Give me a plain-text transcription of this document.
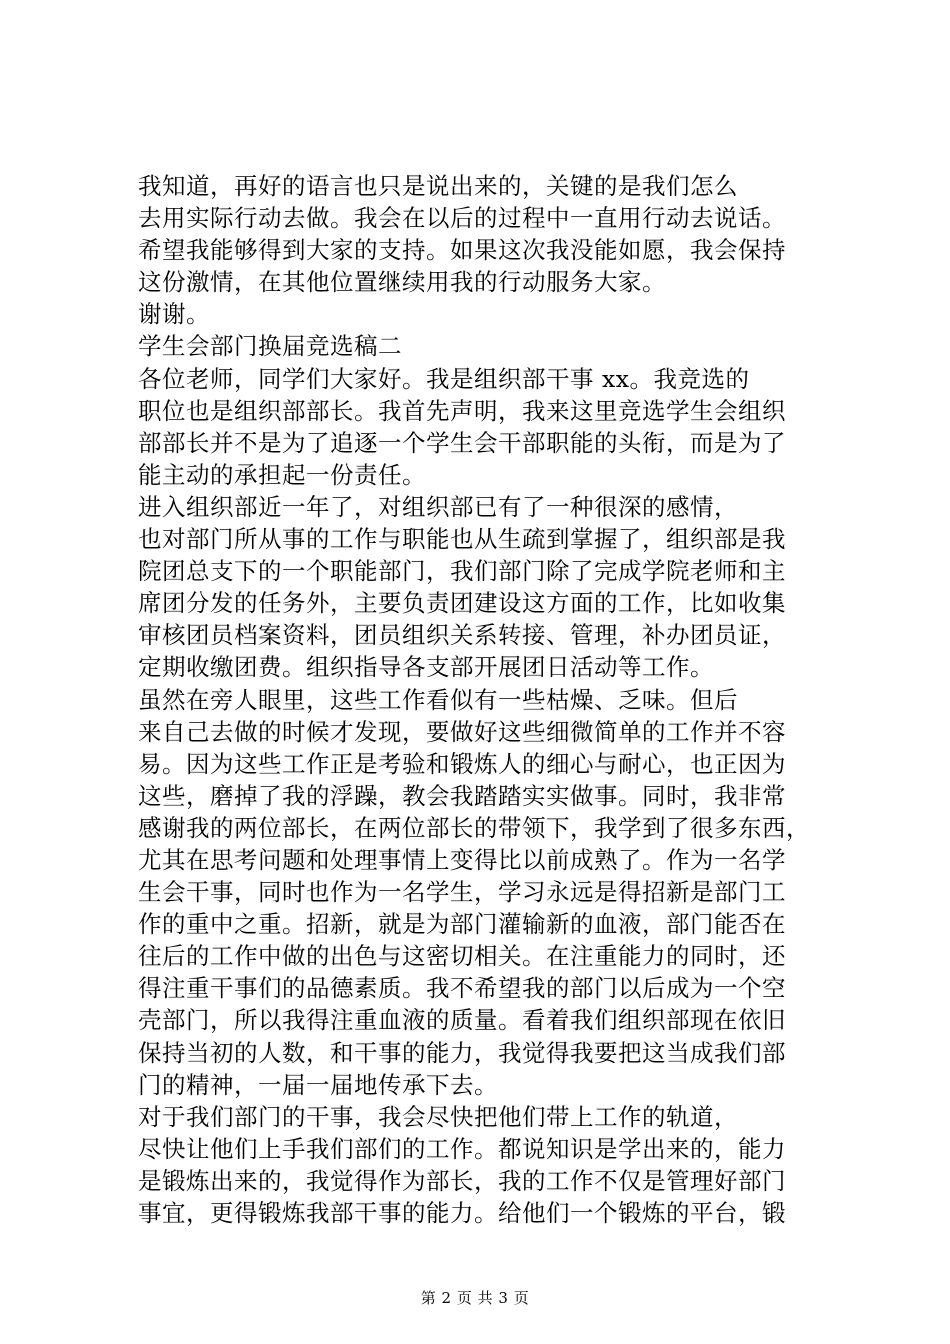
我知道，再好的语言也只是说出来的，关键的是我们怎么
去用实际行动去做。我会在以后的过程中一直用行动去说话。
希望我能够得到大家的支持。如果这次我没能如愿，我会保持
这份激情，在其他位置继续用我的行动服务大家。
谢谢。
学生会部门换届竞选稿二
各位老师，同学们大家好。我是组织部干事 xx。我竞选的
职位也是组织部部长。我首先声明，我来这里竞选学生会组织
部部长并不是为了追逐一个学生会干部职能的头衔，而是为了
能主动的承担起一份责任。
进入组织部近一年了，对组织部已有了一种很深的感情，
也对部门所从事的工作与职能也从生疏到掌握了，组织部是我
院团总支下的一个职能部门，我们部门除了完成学院老师和主
席团分发的任务外，主要负责团建设这方面的工作，比如收集
审核团员档案资料，团员组织关系转接、管理，补办团员证，
定期收缴团费。组织指导各支部开展团日活动等工作。
虽然在旁人眼里，这些工作看似有一些枯燥、乏味。但后
来自己去做的时候才发现，要做好这些细微简单的工作并不容
易。因为这些工作正是考验和锻炼人的细心与耐心，也正因为
这些，磨掉了我的浮躁，教会我踏踏实实做事。同时，我非常
感谢我的两位部长，在两位部长的带领下，我学到了很多东西，
尤其在思考问题和处理事情上变得比以前成熟了。作为一名学
生会干事，同时也作为一名学生，学习永远是得招新是部门工
作的重中之重。招新，就是为部门灌输新的血液，部门能否在
往后的工作中做的出色与这密切相关。在注重能力的同时，还
得注重干事们的品德素质。我不希望我的部门以后成为一个空
壳部门，所以我得注重血液的质量。看着我们组织部现在依旧
保持当初的人数，和干事的能力，我觉得我要把这当成我们部
门的精神，一届一届地传承下去。
对于我们部门的干事，我会尽快把他们带上工作的轨道，
尽快让他们上手我们部们的工作。都说知识是学出来的，能力
是锻炼出来的，我觉得作为部长，我的工作不仅是管理好部门
事宜，更得锻炼我部干事的能力。给他们一个锻炼的平台，锻
第 2 页 共 3 页
